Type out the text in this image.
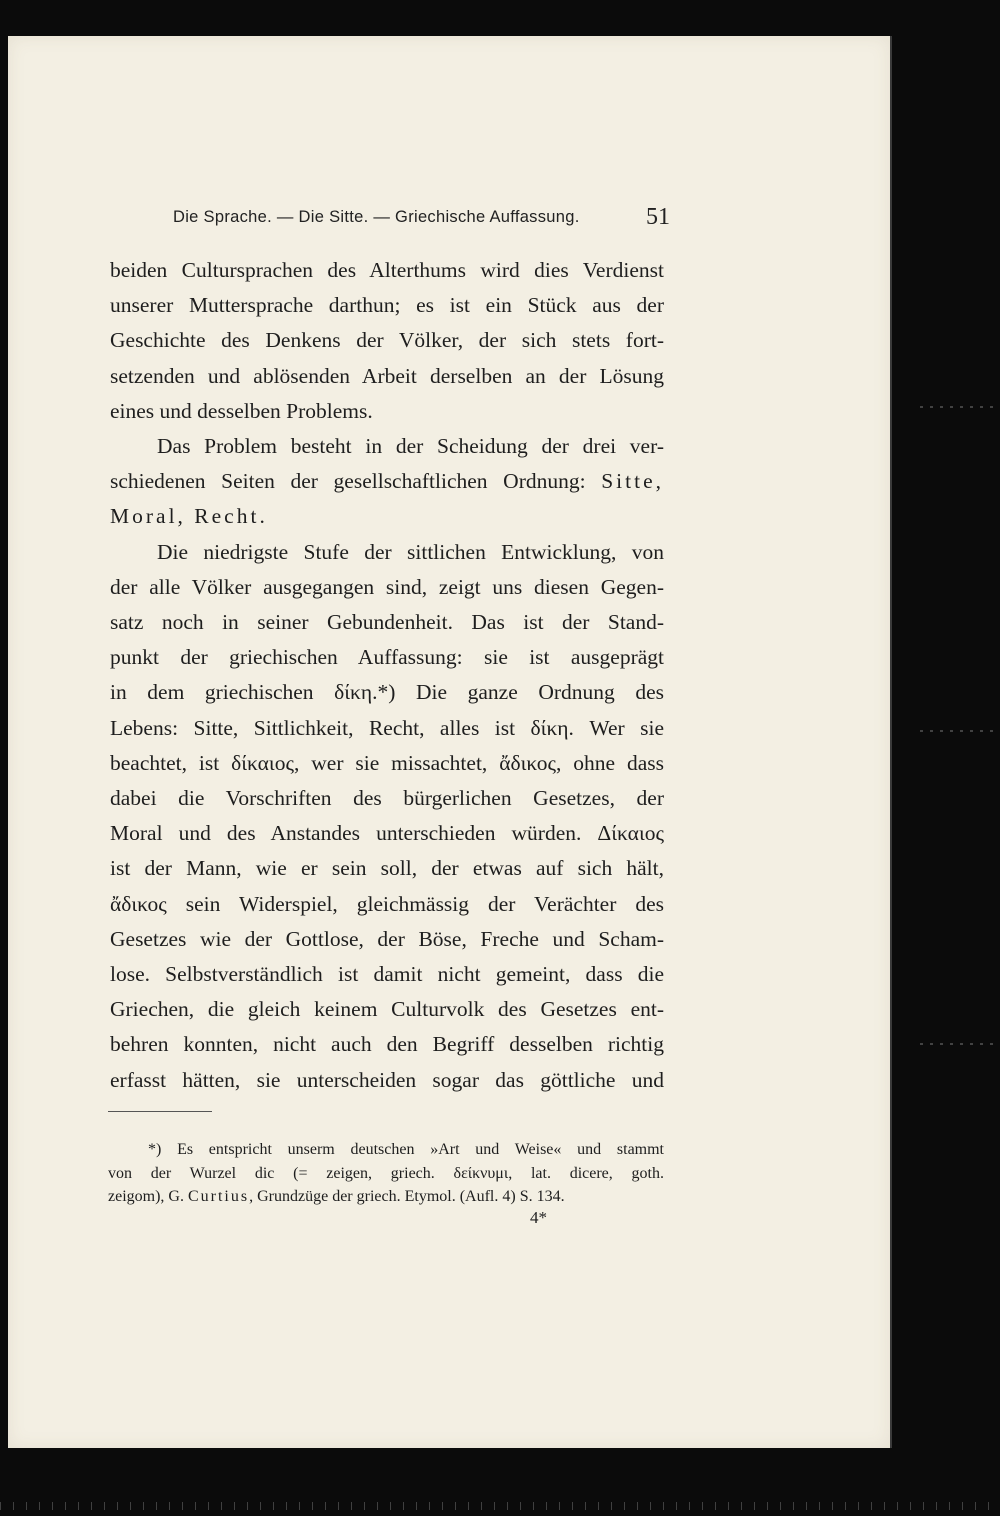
Die Sprache. — Die Sitte. — Griechische Auffassung.	51

beiden Cultursprachen des Alterthums wird dies Verdienst

unserer Muttersprache darthun; es ist ein Stück aus der

Geschichte des Denkens der Völker, der sich stets fort-

setzenden und ablösenden Arbeit derselben an der Lösung

eines und desselben Problems.

Das Problem besteht in der Scheidung der drei ver-

schiedenen Seiten der gesellschaftlichen Ordnung: Sitte,

Moral, Recht.

Die niedrigste Stufe der sittlichen Entwicklung, von

der alle Völker ausgegangen sind, zeigt uns diesen Gegen-

satz noch in seiner Gebundenheit. Das ist der Stand-

punkt der griechischen Auffassung: sie ist ausgeprägt

in dem griechischen δίκη.*) Die ganze Ordnung des

Lebens: Sitte, Sittlichkeit, Recht, alles ist δίκη. Wer sie

beachtet, ist δίκαιος, wer sie missachtet, ἄδικος, ohne dass

dabei die Vorschriften des bürgerlichen Gesetzes, der

Moral und des Anstandes unterschieden würden. Δίκαιος

ist der Mann, wie er sein soll, der etwas auf sich hält,

ἄδικος sein Widerspiel, gleichmässig der Verächter des

Gesetzes wie der Gottlose, der Böse, Freche und Scham-

lose. Selbstverständlich ist damit nicht gemeint, dass die

Griechen, die gleich keinem Culturvolk des Gesetzes ent-

behren konnten, nicht auch den Begriff desselben richtig

erfasst hätten, sie unterscheiden sogar das göttliche und

*) Es entspricht unserm deutschen »Art und Weise« und stammt

von der Wurzel dic (= zeigen, griech. δείκνυμι, lat. dicere, goth.

zeigom), G. Curtius, Grundzüge der griech. Etymol. (Aufl. 4) S. 134.

4*
